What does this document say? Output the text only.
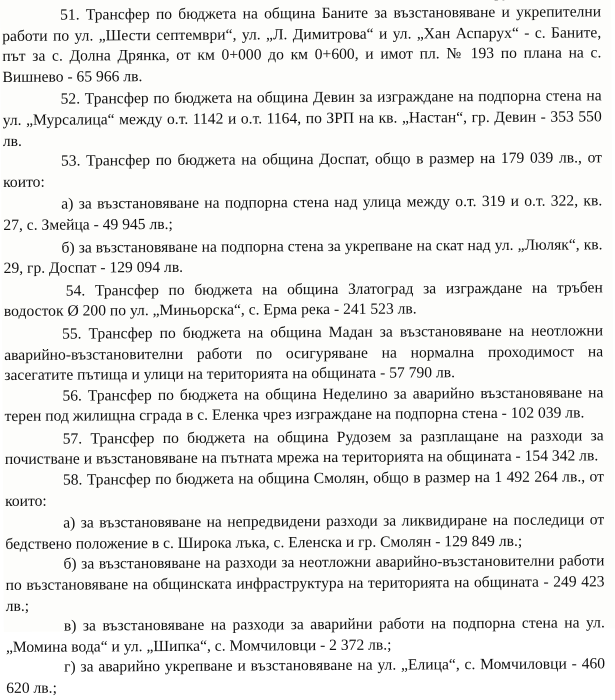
51. Трансфер по бюджета на община Баните за възстановяване и укрепителни работи по ул. „Шести септември“, ул. „Л. Димитрова“ и ул. „Хан Аспарух“ - с. Баните, път за с. Долна Дрянка, от км 0+000 до км 0+600, и имот пл. № 193 по плана на с. Вишнево - 65 966 лв.

52. Трансфер по бюджета на община Девин за изграждане на подпорна стена на ул. „Мурсалица“ между о.т. 1142 и о.т. 1164, по ЗРП на кв. „Настан“, гр. Девин - 353 550 лв.

53. Трансфер по бюджета на община Доспат, общо в размер на 179 039 лв., от които:

а) за възстановяване на подпорна стена над улица между о.т. 319 и о.т. 322, кв. 27, с. Змейца - 49 945 лв.;

б) за възстановяване на подпорна стена за укрепване на скат над ул. „Люляк“, кв. 29, гр. Доспат - 129 094 лв.

54. Трансфер по бюджета на община Златоград за изграждане на тръбен водосток Ø 200 по ул. „Миньорска“, с. Ерма река - 241 523 лв.

55. Трансфер по бюджета на община Мадан за възстановяване на неотложни аварийно-възстановителни работи по осигуряване на нормална проходимост на засегатите пътища и улици на територията на общината - 57 790 лв.

56. Трансфер по бюджета на община Неделино за аварийно възстановяване на терен под жилищна сграда в с. Еленка чрез изграждане на подпорна стена - 102 039 лв.

57. Трансфер по бюджета на община Рудозем за разплащане на разходи за почистване и възстановяване на пътната мрежа на територията на общината - 154 342 лв.

58. Трансфер по бюджета на община Смолян, общо в размер на 1 492 264 лв., от които:

а) за възстановяване на непредвидени разходи за ликвидиране на последици от бедствено положение в с. Широка лъка, с. Еленска и гр. Смолян - 129 849 лв.;

б) за възстановяване на разходи за неотложни аварийно-възстановителни работи по възстановяване на общинската инфраструктура на територията на общината - 249 423 лв.;

в) за възстановяване на разходи за аварийни работи на подпорна стена на ул. „Момина вода“ и ул. „Шипка“, с. Момчиловци - 2 372 лв.;

г) за аварийно укрепване и възстановяване на ул. „Елица“, с. Момчиловци - 460 620 лв.;
